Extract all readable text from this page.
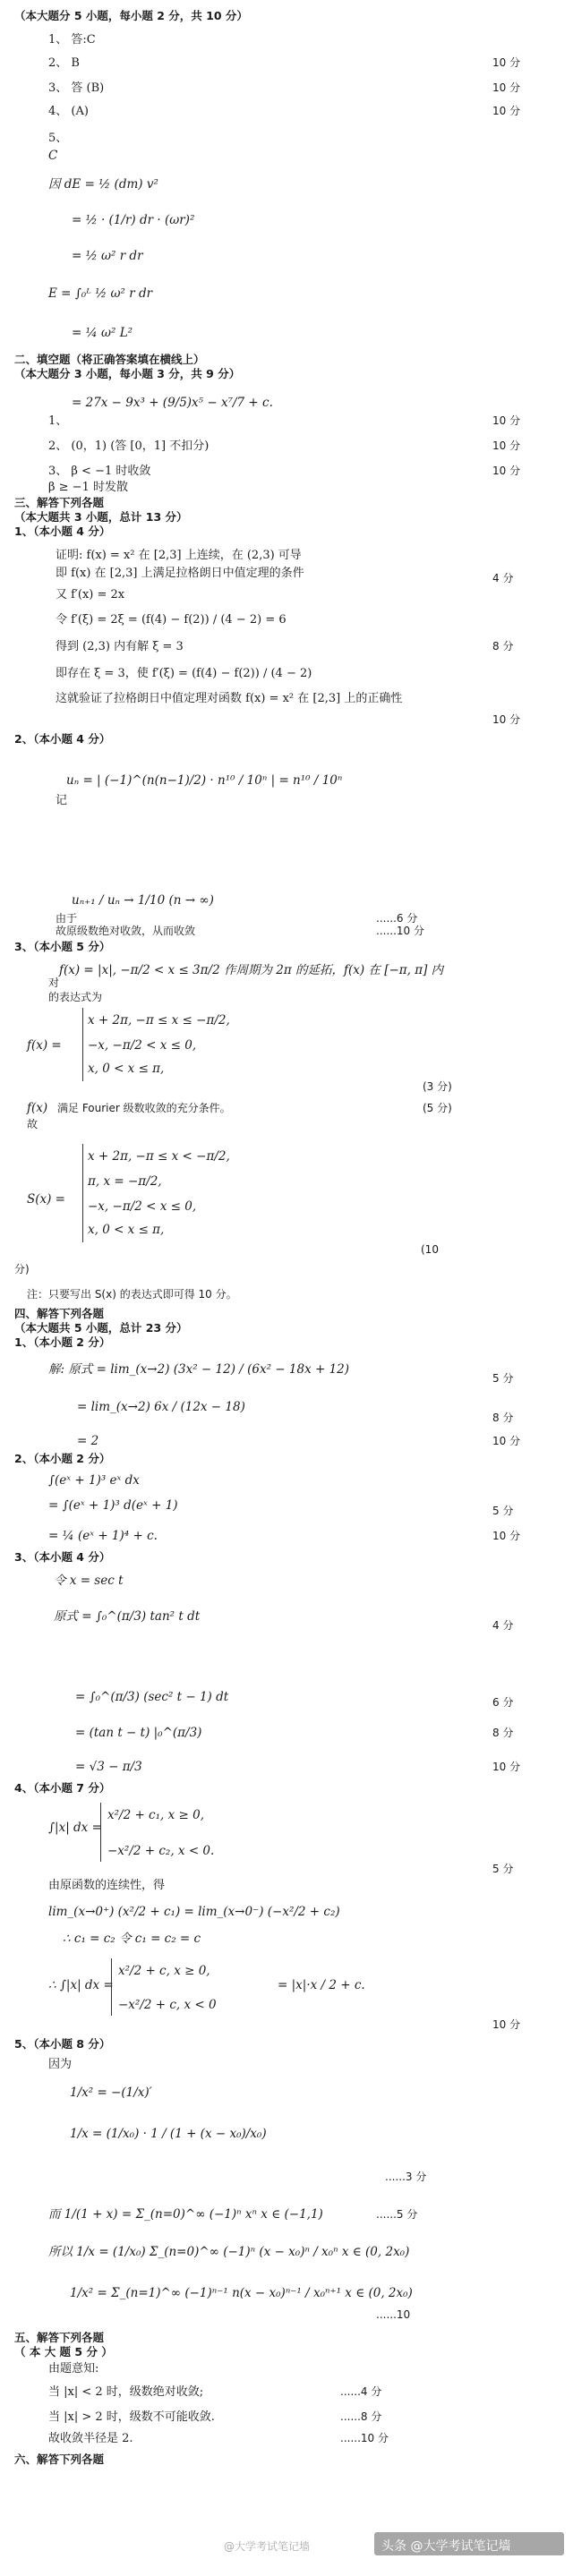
（本大题分 5 小题，每小题 2 分，共 10 分）
1、 答:C
2、 B	10 分
3、 答 (B)	10 分
4、 (A)	10 分
5、
C
因 dE = ½ (dm) v²
= ½ · (1/r) dr · (ωr)²
= ½ ω² r dr
E = ∫₀ᴸ ½ ω² r dr
= ¼ ω² L²
二、填空题（将正确答案填在横线上）
（本大题分 3 小题，每小题 3 分，共 9 分）
= 27x − 9x³ + (9/5)x⁵ − x⁷/7 + c.
1、	10 分
2、 (0，1) (答 [0，1] 不扣分)	10 分
3、 β < −1 时收敛	10 分
β ≥ −1 时发散
三、解答下列各题
（本大题共 3 小题，总计 13 分）
1、（本小题 4 分）
证明: f(x) = x² 在 [2,3] 上连续，在 (2,3) 可导
即 f(x) 在 [2,3] 上满足拉格朗日中值定理的条件	4 分
又 f′(x) = 2x
令 f′(ξ) = 2ξ = (f(4) − f(2)) / (4 − 2) = 6
得到 (2,3) 内有解 ξ = 3	8 分
即存在 ξ = 3，使 f′(ξ) = (f(4) − f(2)) / (4 − 2)
这就验证了拉格朗日中值定理对函数 f(x) = x² 在 [2,3] 上的正确性
10 分
2、（本小题 4 分）
uₙ = | (−1)^(n(n−1)/2) · n¹⁰ / 10ⁿ | = n¹⁰ / 10ⁿ
记
uₙ₊₁ / uₙ → 1/10 (n → ∞)
由于	......6 分
故原级数绝对收敛，从而收敛	......10 分
3、（本小题 5 分）
f(x) = |x|, −π/2 < x ≤ 3π/2 作周期为 2π 的延拓，f(x) 在 [−π, π] 内
对
的表达式为
x + 2π, −π ≤ x ≤ −π/2,
f(x) = −x, −π/2 < x ≤ 0,
x, 0 < x ≤ π,
(3 分)
f(x) 满足 Fourier 级数收敛的充分条件。	(5 分)
故
x + 2π, −π ≤ x < −π/2,
π, x = −π/2,
S(x) = −x, −π/2 < x ≤ 0,
x, 0 < x ≤ π,
(10
分)
注：只要写出 S(x) 的表达式即可得 10 分。
四、解答下列各题
（本大题共 5 小题，总计 23 分）
1、（本小题 2 分）
解: 原式 = lim_(x→2) (3x² − 12) / (6x² − 18x + 12)
5 分
= lim_(x→2) 6x / (12x − 18)
8 分
= 2	10 分
2、（本小题 2 分）
∫(eˣ + 1)³ eˣ dx
= ∫(eˣ + 1)³ d(eˣ + 1)	5 分
= ¼ (eˣ + 1)⁴ + c.	10 分
3、（本小题 4 分）
令 x = sec t
原式 = ∫₀^(π/3) tan² t dt
4 分
= ∫₀^(π/3) (sec² t − 1) dt	6 分
= (tan t − t) |₀^(π/3)	8 分
= √3 − π/3	10 分
4、（本小题 7 分）
x²/2 + c₁, x ≥ 0,
∫|x| dx =
−x²/2 + c₂, x < 0.
5 分
由原函数的连续性，得
lim_(x→0⁺) (x²/2 + c₁) = lim_(x→0⁻) (−x²/2 + c₂)
∴ c₁ = c₂ 令 c₁ = c₂ = c
x²/2 + c, x ≥ 0,
∴ ∫|x| dx =	= |x|·x / 2 + c.
−x²/2 + c, x < 0
10 分
5、（本小题 8 分）
因为
1/x² = −(1/x)′
1/x = (1/x₀) · 1 / (1 + (x − x₀)/x₀)
......3 分
而 1/(1 + x) = Σ_(n=0)^∞ (−1)ⁿ xⁿ x ∈ (−1,1)	......5 分
所以 1/x = (1/x₀) Σ_(n=0)^∞ (−1)ⁿ (x − x₀)ⁿ / x₀ⁿ x ∈ (0, 2x₀)
1/x² = Σ_(n=1)^∞ (−1)ⁿ⁻¹ n(x − x₀)ⁿ⁻¹ / x₀ⁿ⁺¹ x ∈ (0, 2x₀)
......10
五、解答下列各题
（ 本 大 题 5 分 ）
由题意知:
当 |x| < 2 时，级数绝对收敛;	......4 分
当 |x| > 2 时，级数不可能收敛.	......8 分
故收敛半径是 2.	......10 分
六、解答下列各题
@大学考试笔记墙	头条 @大学考试笔记墙
